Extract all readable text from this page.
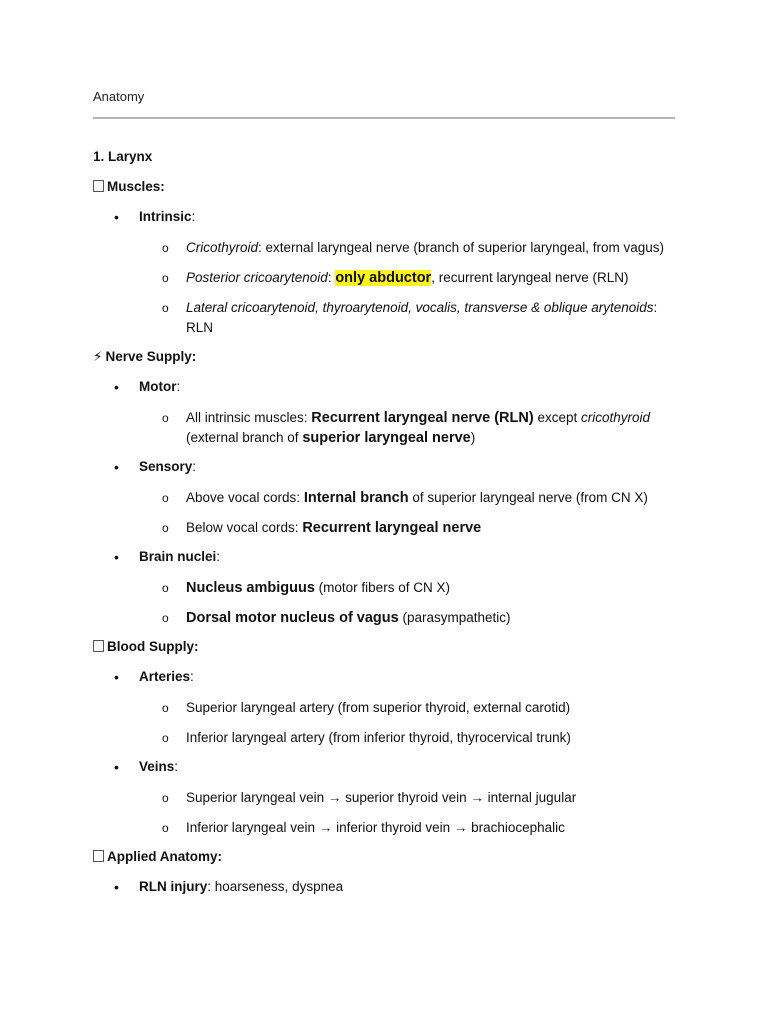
Anatomy
1. Larynx
Muscles:
• Intrinsic:
o Cricothyroid: external laryngeal nerve (branch of superior laryngeal, from vagus)
o Posterior cricoarytenoid: only abductor, recurrent laryngeal nerve (RLN)
o Lateral cricoarytenoid, thyroarytenoid, vocalis, transverse & oblique arytenoids: RLN
⚡ Nerve Supply:
• Motor:
o All intrinsic muscles: Recurrent laryngeal nerve (RLN) except cricothyroid (external branch of superior laryngeal nerve)
• Sensory:
o Above vocal cords: Internal branch of superior laryngeal nerve (from CN X)
o Below vocal cords: Recurrent laryngeal nerve
• Brain nuclei:
o Nucleus ambiguus (motor fibers of CN X)
o Dorsal motor nucleus of vagus (parasympathetic)
Blood Supply:
• Arteries:
o Superior laryngeal artery (from superior thyroid, external carotid)
o Inferior laryngeal artery (from inferior thyroid, thyrocervical trunk)
• Veins:
o Superior laryngeal vein → superior thyroid vein → internal jugular
o Inferior laryngeal vein → inferior thyroid vein → brachiocephalic
Applied Anatomy:
• RLN injury: hoarseness, dyspnea
